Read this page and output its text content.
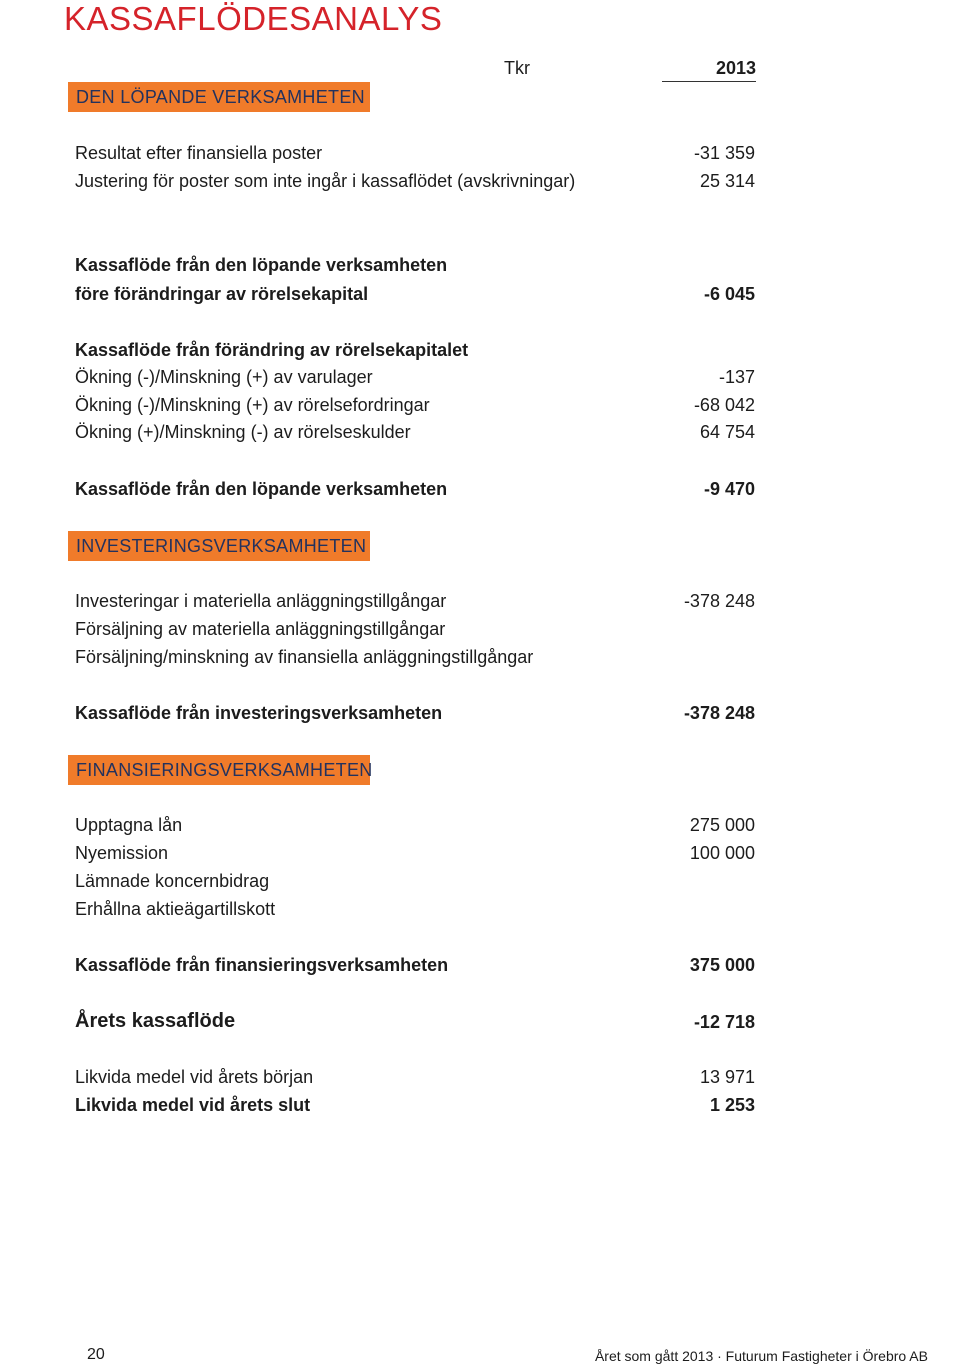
KASSAFLÖDESANALYS
Tkr	2013
DEN LÖPANDE VERKSAMHETEN
Resultat efter finansiella poster	-31 359
Justering för poster som inte ingår i kassaflödet (avskrivningar)	25 314
Kassaflöde från den löpande verksamheten
före förändringar av rörelsekapital	-6 045
Kassaflöde från förändring av rörelsekapitalet
Ökning (-)/Minskning (+) av varulager	-137
Ökning (-)/Minskning (+) av rörelsefordringar	-68 042
Ökning (+)/Minskning (-) av rörelseskulder	64 754
Kassaflöde från den löpande verksamheten	-9 470
INVESTERINGSVERKSAMHETEN
Investeringar i materiella anläggningstillgångar	-378 248
Försäljning av materiella anläggningstillgångar
Försäljning/minskning av finansiella anläggningstillgångar
Kassaflöde från investeringsverksamheten	-378 248
FINANSIERINGSVERKSAMHETEN
Upptagna lån	275 000
Nyemission	100 000
Lämnade koncernbidrag
Erhållna aktieägartillskott
Kassaflöde från finansieringsverksamheten	375 000
Årets kassaflöde	-12 718
Likvida medel vid årets början	13 971
Likvida medel vid årets slut	1 253
20	Året som gått 2013 · Futurum Fastigheter i Örebro AB
